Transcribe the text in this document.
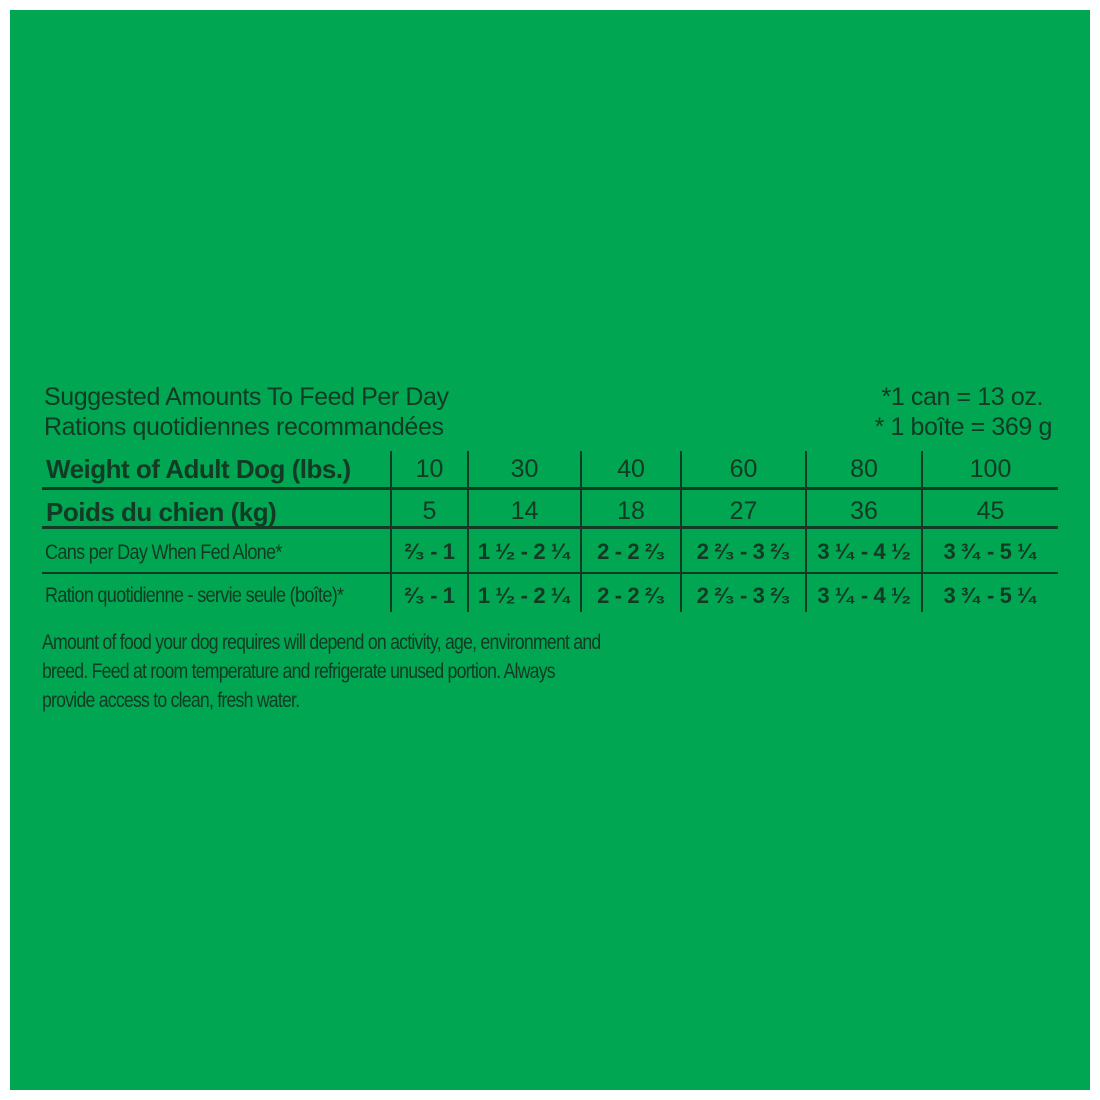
Suggested Amounts To Feed Per Day
Rations quotidiennes recommandées
*1 can = 13 oz.
* 1 boîte = 369 g
Weight of Adult Dog (lbs.)	10	30	40	60	80	100
Poids du chien (kg)	5	14	18	27	36	45
Cans per Day When Fed Alone*	²⁄₃ - 1	1 ¹⁄₂ - 2 ¹⁄₄	2 - 2 ²⁄₃	2 ²⁄₃ - 3 ²⁄₃	3 ¹⁄₄ - 4 ¹⁄₂	3 ³⁄₄ - 5 ¹⁄₄
Ration quotidienne - servie seule (boîte)*	²⁄₃ - 1	1 ¹⁄₂ - 2 ¹⁄₄	2 - 2 ²⁄₃	2 ²⁄₃ - 3 ²⁄₃	3 ¹⁄₄ - 4 ¹⁄₂	3 ³⁄₄ - 5 ¹⁄₄
Amount of food your dog requires will depend on activity, age, environment and
breed. Feed at room temperature and refrigerate unused portion. Always
provide access to clean, fresh water.
